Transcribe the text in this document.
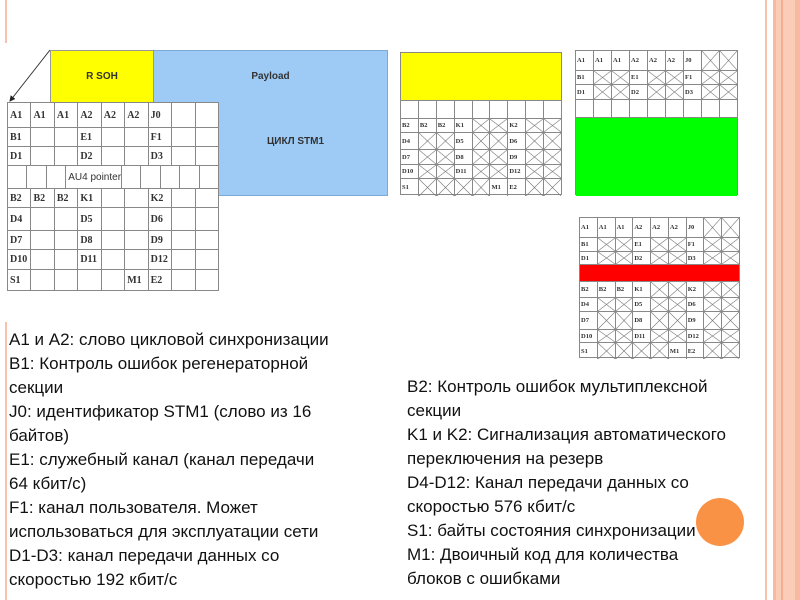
Payload
ЦИКЛ STM1
R SOH
A1	A1	A1	A2	A2	A2	J0
B1	E1	F1
D1	D2	D3
AU4 pointer
B2	B2	B2	K1	K2
D4	D5	D6
D7	D8	D9
D10	D11	D12
S1	M1 E2
B2	B2	B2	K1	K2
D4	D5	D6
D7	D8	D9
D10	D11	D12
S1	M1	E2
A1	A1	A1	A2	A2	A2	J0
B1	E1	F1
D1	D2	D3
A1	A1	A1	A2	A2	A2	J0
B1	E1	F1
D1	D2	D3
B2	B2	B2	K1	K2
D4	D5	D6
D7	D8	D9
D10	D11	D12
S1	M1	E2
A1 и A2: слово цикловой синхронизации
B1: Контроль ошибок регенераторной
секции
J0: идентификатор STM1 (слово из 16
байтов)
E1: служебный канал (канал передачи
64 кбит/с)
F1: канал пользователя. Может
использоваться для эксплуатации сети
D1-D3: канал передачи данных со
скоростью 192 кбит/с
B2: Контроль ошибок мультиплексной
секции
K1 и K2: Сигнализация автоматического
переключения на резерв
D4-D12: Канал передачи данных со
скоростью 576 кбит/с
S1: байты состояния синхронизации
M1: Двоичный код для количества
блоков с ошибками
